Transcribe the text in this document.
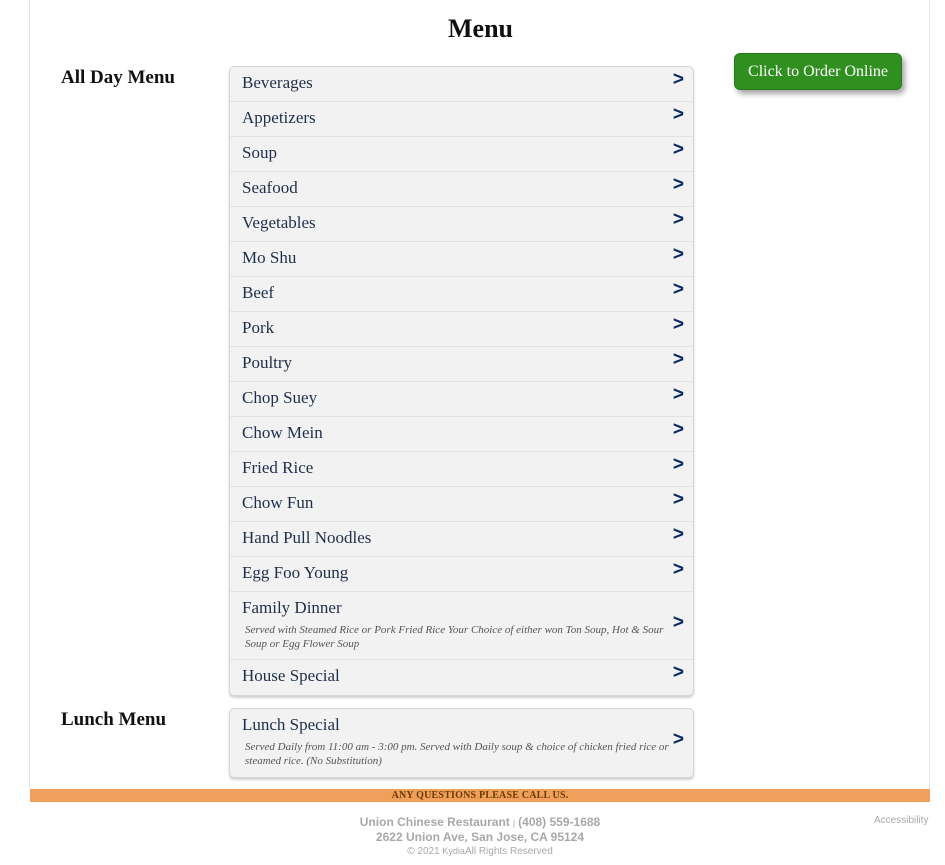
Menu
All Day Menu	Beverages	>
Appetizers	>
Soup	>
Seafood	>
Vegetables	>
Mo Shu	>
Beef	>
Pork	>
Poultry	>
Chop Suey	>
Chow Mein	>
Fried Rice	>
Chow Fun	>
Hand Pull Noodles	>
Egg Foo Young	>
Family Dinner
Served with Steamed Rice or Pork Fried Rice Your Choice of either won Ton Soup, Hot & Sour Soup or Egg Flower Soup
>
House Special	>
Lunch Menu	Lunch Special
Served Daily from 11:00 am - 3:00 pm. Served with Daily soup & choice of chicken fried rice or steamed rice. (No Substitution)
>
Click to Order Online
ANY QUESTIONS PLEASE CALL US.
Union Chinese Restaurant | (408) 559-1688
2622 Union Ave, San Jose, CA 95124
© 2021 KydiaAll Rights Reserved
Accessibility
